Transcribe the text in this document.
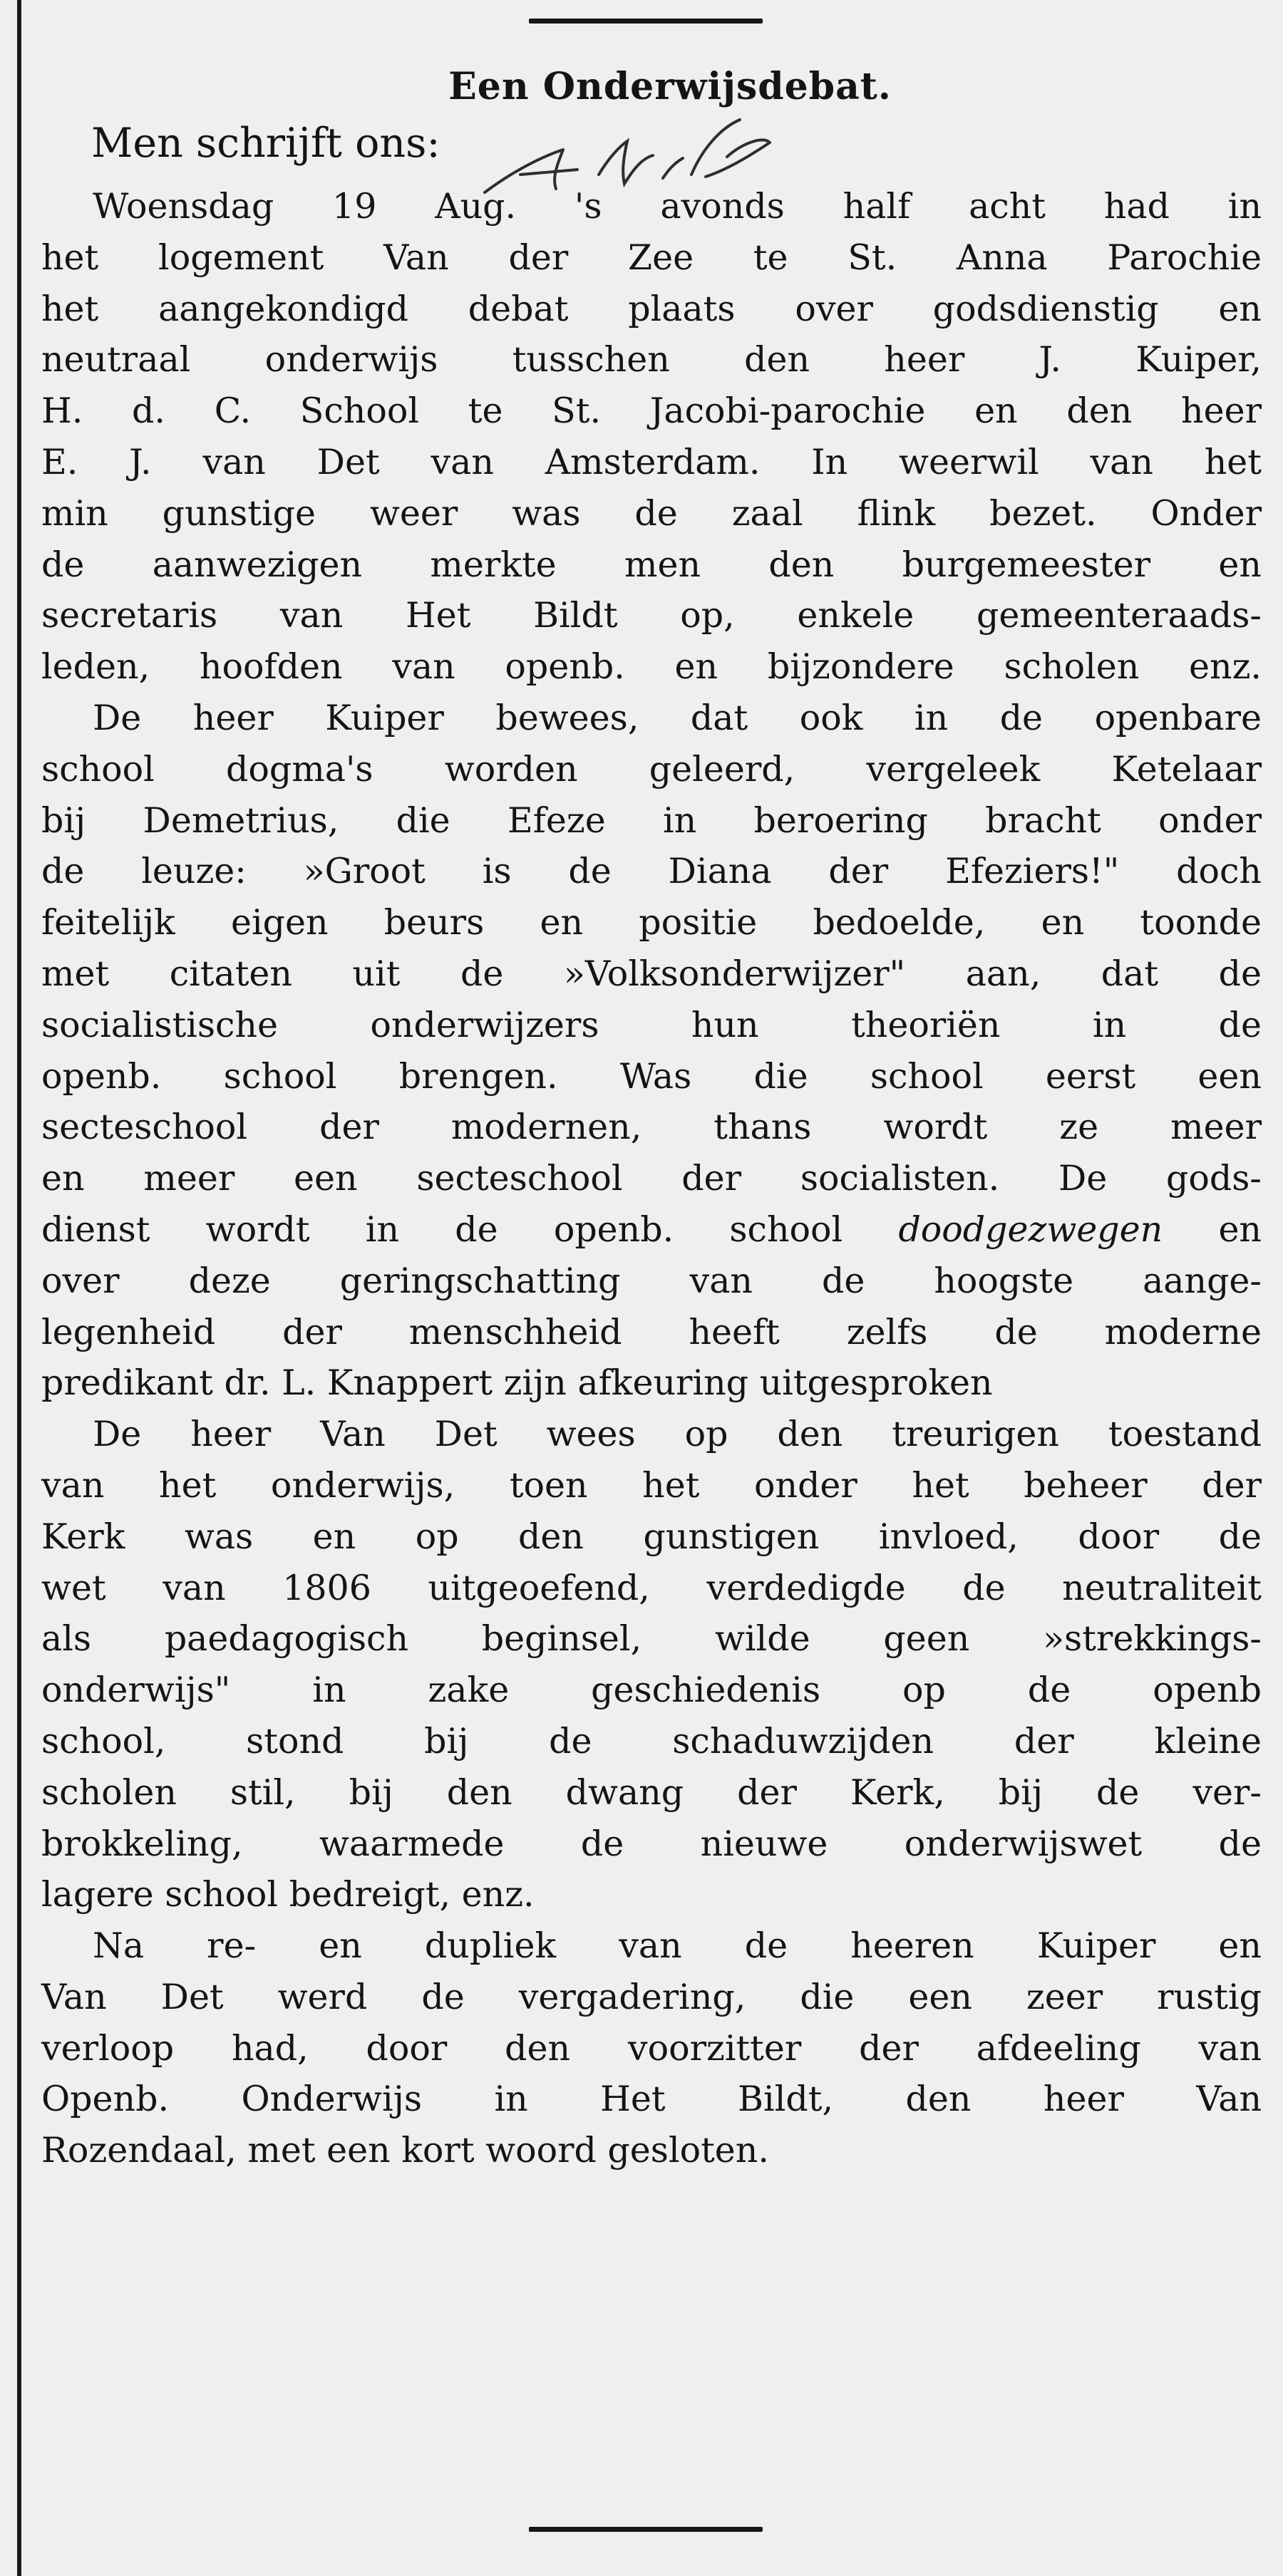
Een Onderwijsdebat.
Men schrijft ons:
Woensdag 19 Aug. 's avonds half acht had in
het logement Van der Zee te St. Anna Parochie
het aangekondigd debat plaats over godsdienstig en
neutraal onderwijs tusschen den heer J. Kuiper,
H. d. C. School te St. Jacobi-parochie en den heer
E. J. van Det van Amsterdam. In weerwil van het
min gunstige weer was de zaal flink bezet. Onder
de aanwezigen merkte men den burgemeester en
secretaris van Het Bildt op, enkele gemeenteraads-
leden, hoofden van openb. en bijzondere scholen enz.
De heer Kuiper bewees, dat ook in de openbare
school dogma's worden geleerd, vergeleek Ketelaar
bij Demetrius, die Efeze in beroering bracht onder
de leuze: »Groot is de Diana der Efeziers!" doch
feitelijk eigen beurs en positie bedoelde, en toonde
met citaten uit de »Volksonderwijzer" aan, dat de
socialistische onderwijzers hun theoriën in de
openb. school brengen. Was die school eerst een
secteschool der modernen, thans wordt ze meer
en meer een secteschool der socialisten. De gods-
dienst wordt in de openb. school doodgezwegen en
over deze geringschatting van de hoogste aange-
legenheid der menschheid heeft zelfs de moderne
predikant dr. L. Knappert zijn afkeuring uitgesproken
De heer Van Det wees op den treurigen toestand
van het onderwijs, toen het onder het beheer der
Kerk was en op den gunstigen invloed, door de
wet van 1806 uitgeoefend, verdedigde de neutraliteit
als paedagogisch beginsel, wilde geen »strekkings-
onderwijs" in zake geschiedenis op de openb
school, stond bij de schaduwzijden der kleine
scholen stil, bij den dwang der Kerk, bij de ver-
brokkeling, waarmede de nieuwe onderwijswet de
lagere school bedreigt, enz.
Na re- en dupliek van de heeren Kuiper en
Van Det werd de vergadering, die een zeer rustig
verloop had, door den voorzitter der afdeeling van
Openb. Onderwijs in Het Bildt, den heer Van
Rozendaal, met een kort woord gesloten.
